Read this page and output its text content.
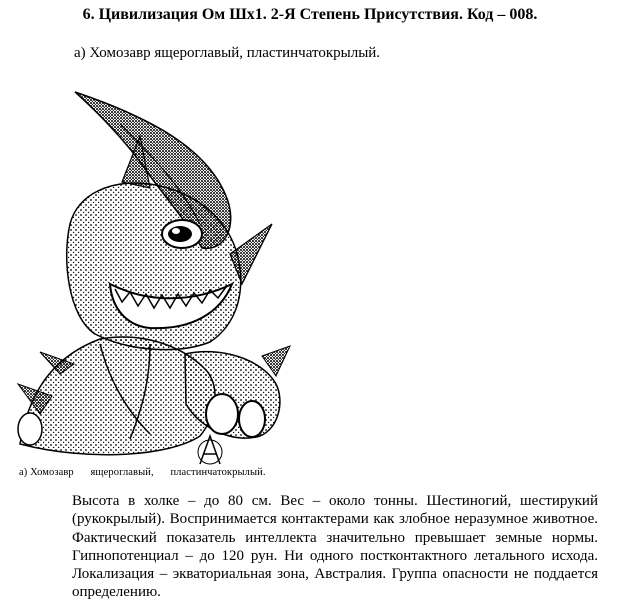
6. Цивилизация Ом Шх1. 2-Я Степень Присутствия. Код – 008.
а) Хомозавр ящероглавый, пластинчатокрылый.
а) Хомозавр ящероглавый, пластинчатокрылый.
Высота в холке – до 80 см. Вес – около тонны. Шестиногий, шестирукий (рукокрылый). Воспринимается контактерами как злобное неразумное животное. Фактический показатель интеллекта значительно превышает земные нормы. Гипнопотенциал – до 120 рун. Ни одного постконтактного летального исхода. Локализация – экваториальная зона, Австралия. Группа опасности не поддается определению.
